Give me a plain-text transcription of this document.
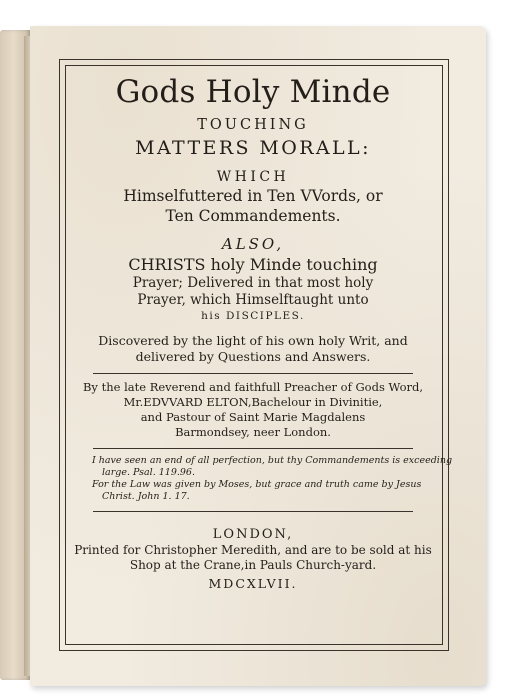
Gods Holy Minde
TOUCHING
MATTERS MORALL:
WHICH
Himselfuttered in Ten VVords, or
Ten Commandements.
ALSO,
CHRISTS holy Minde touching
Prayer; Delivered in that most holy
Prayer, which Himselftaught unto
his DISCIPLES.
Discovered by the light of his own holy Writ, and
delivered by Questions and Answers.
By the late Reverend and faithfull Preacher of Gods Word,
Mr.EDVVARD ELTON,Bachelour in Divinitie,
and Pastour of Saint Marie Magdalens
Barmondsey, neer London.
I have seen an end of all perfection, but thy Commandements is exceeding
large. Psal. 119.96.
For the Law was given by Moses, but grace and truth came by Jesus
Christ. John 1. 17.
LONDON,
Printed for Christopher Meredith, and are to be sold at his
Shop at the Crane,in Pauls Church-yard.
MDCXLVII.
